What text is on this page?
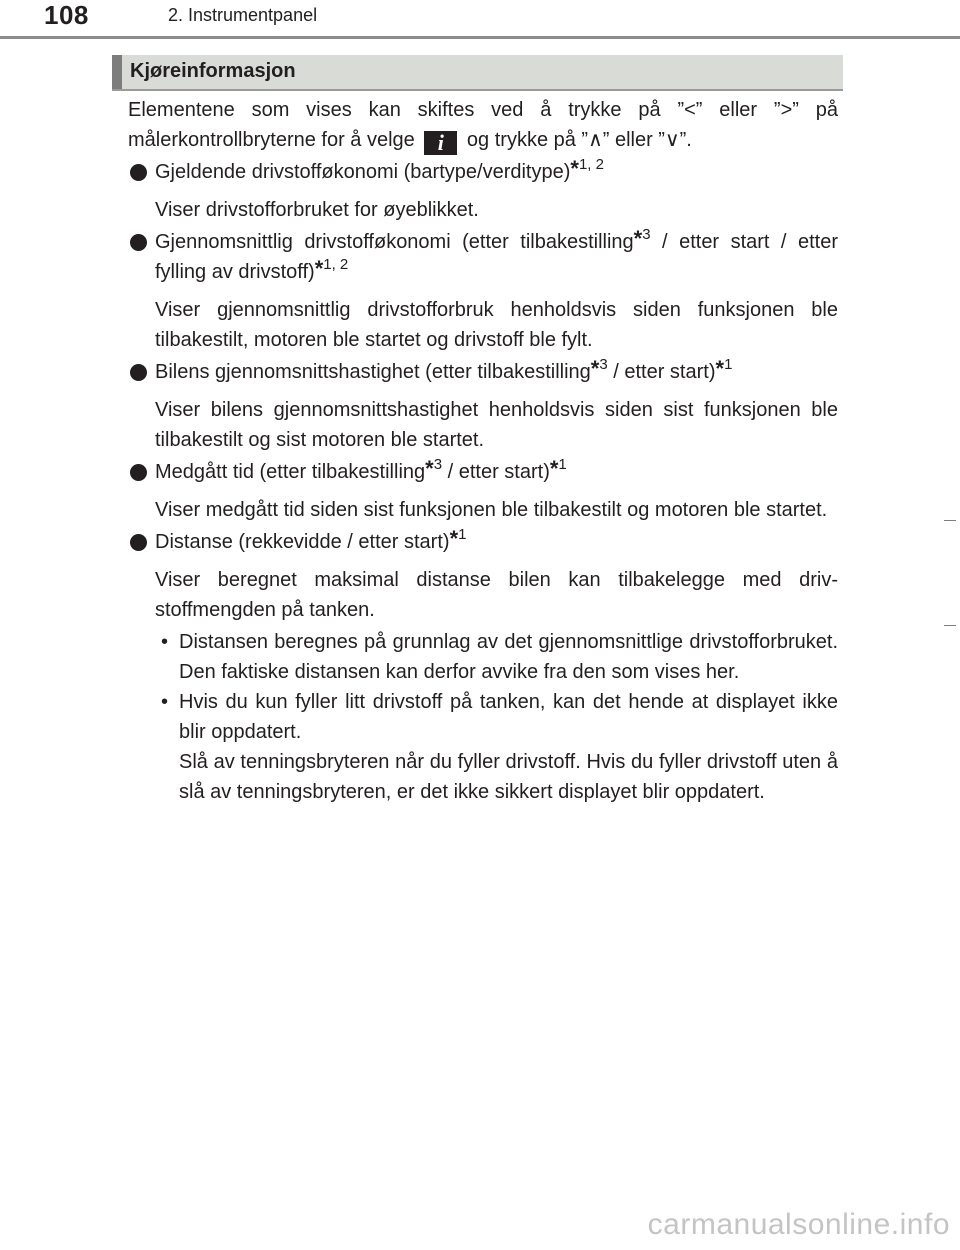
108	2. Instrumentpanel
Kjøreinformasjon

Elementene som vises kan skiftes ved å trykke på ”<” eller ”>” på målerkontrollbryterne for å velge i og trykke på ”∧” eller ”∨”.

Gjeldende drivstofføkonomi (bartype/verditype)*$^{1, 2}$

Viser drivstofforbruket for øyeblikket.

Gjennomsnittlig drivstofføkonomi (etter tilbakestilling*$^3$ / etter start / etter fylling av drivstoff)*$^{1, 2}$

Viser gjennomsnittlig drivstofforbruk henholdsvis siden funksjonen ble tilbakestilt, motoren ble startet og drivstoff ble fylt.

Bilens gjennomsnittshastighet (etter tilbakestilling*$^3$ / etter start)*$^1$

Viser bilens gjennomsnittshastighet henholdsvis siden sist funksjonen ble tilbakestilt og sist motoren ble startet.

Medgått tid (etter tilbakestilling*$^3$ / etter start)*$^1$

Viser medgått tid siden sist funksjonen ble tilbakestilt og motoren ble startet.

Distanse (rekkevidde / etter start)*$^1$

Viser beregnet maksimal distanse bilen kan tilbakelegge med drivstoffmengden på tanken.

• Distansen beregnes på grunnlag av det gjennomsnittlige drivstofforbruket. Den faktiske distansen kan derfor avvike fra den som vises her.

• Hvis du kun fyller litt drivstoff på tanken, kan det hende at displayet ikke blir oppdatert.

Slå av tenningsbryteren når du fyller drivstoff. Hvis du fyller drivstoff uten å slå av tenningsbryteren, er det ikke sikkert displayet blir oppdatert.

carmanualsonline.info
